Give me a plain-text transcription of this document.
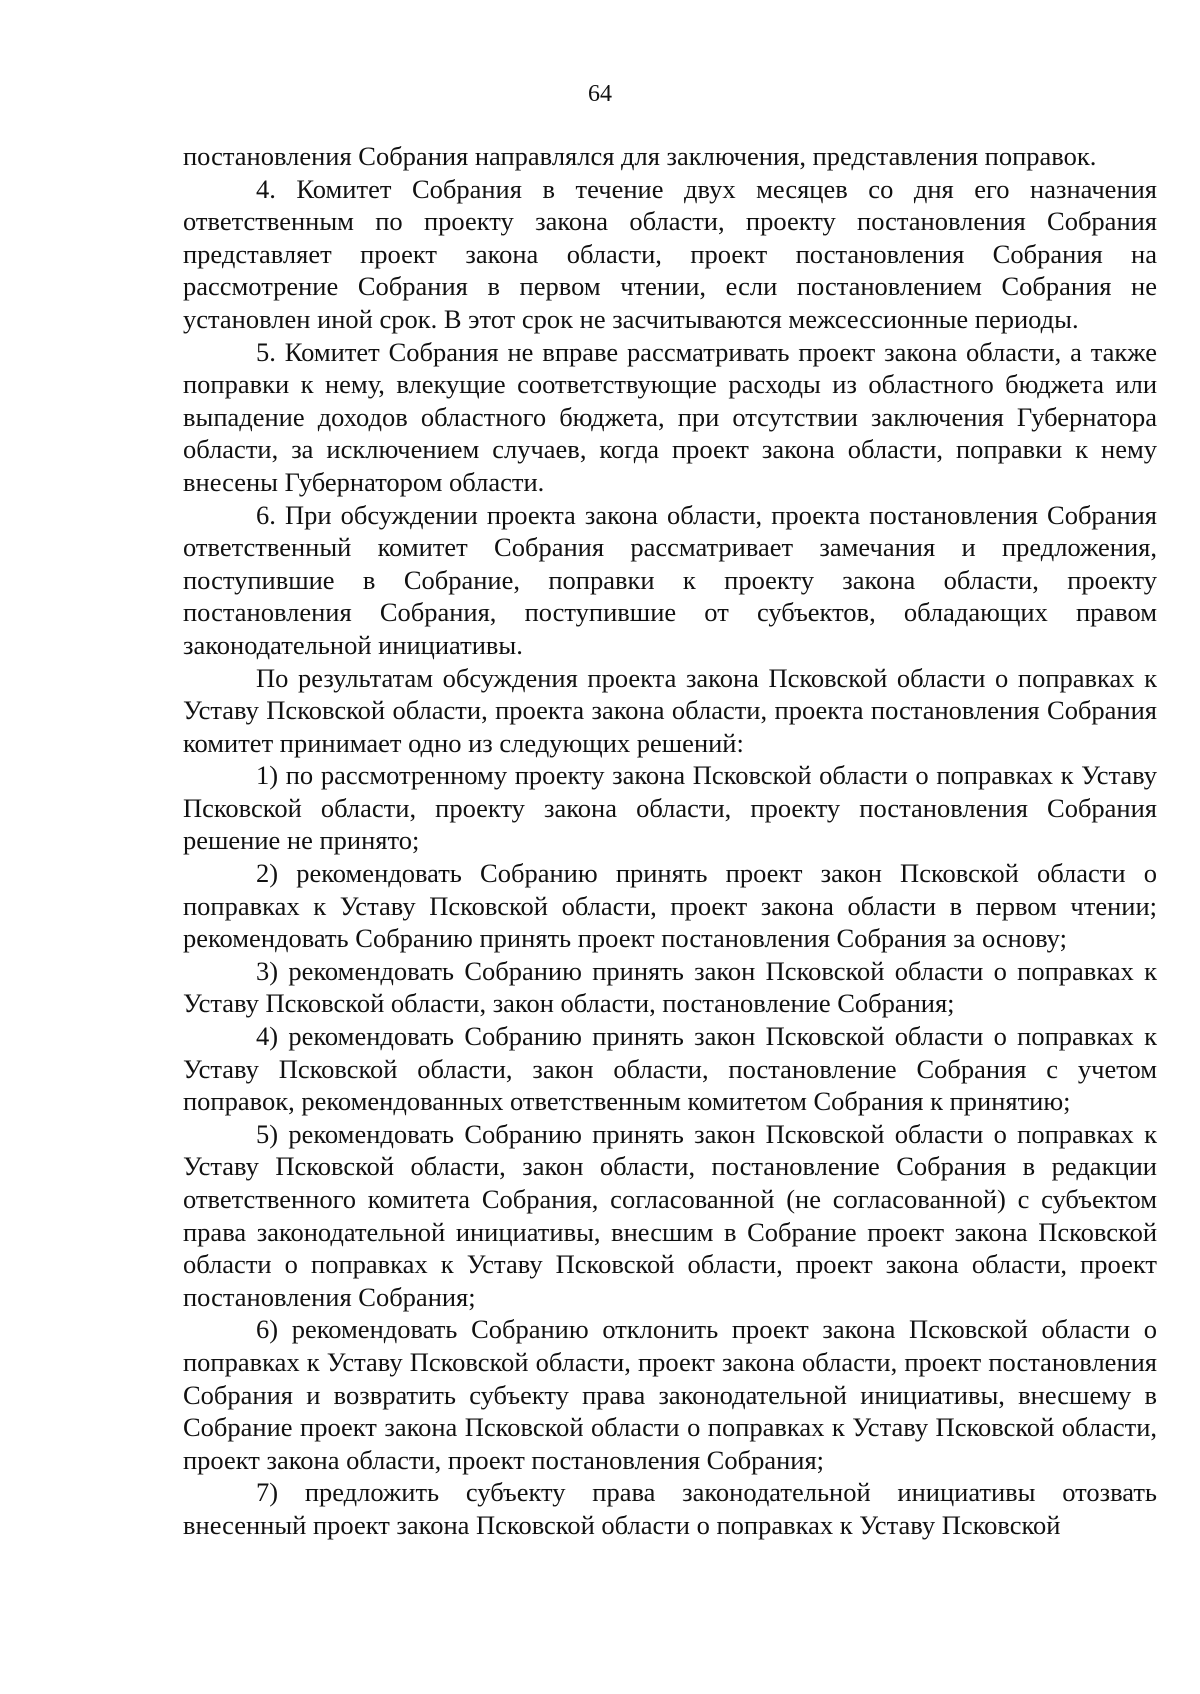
64

постановления Собрания направлялся для заключения, представления поправок.

4. Комитет Собрания в течение двух месяцев со дня его назначения ответственным по проекту закона области, проекту постановления Собрания представляет проект закона области, проект постановления Собрания на рассмотрение Собрания в первом чтении, если постановлением Собрания не установлен иной срок. В этот срок не засчитываются межсессионные периоды.

5. Комитет Собрания не вправе рассматривать проект закона области, а также поправки к нему, влекущие соответствующие расходы из областного бюджета или выпадение доходов областного бюджета, при отсутствии заключения Губернатора области, за исключением случаев, когда проект закона области, поправки к нему внесены Губернатором области.

6. При обсуждении проекта закона области, проекта постановления Собрания ответственный комитет Собрания рассматривает замечания и предложения, поступившие в Собрание, поправки к проекту закона области, проекту постановления Собрания, поступившие от субъектов, обладающих правом законодательной инициативы.

По результатам обсуждения проекта закона Псковской области о поправках к Уставу Псковской области, проекта закона области, проекта постановления Собрания комитет принимает одно из следующих решений:

1) по рассмотренному проекту закона Псковской области о поправках к Уставу Псковской области, проекту закона области, проекту постановления Собрания решение не принято;

2) рекомендовать Собранию принять проект закон Псковской области о поправках к Уставу Псковской области, проект закона области в первом чтении; рекомендовать Собранию принять проект постановления Собрания за основу;

3) рекомендовать Собранию принять закон Псковской области о поправках к Уставу Псковской области, закон области, постановление Собрания;

4) рекомендовать Собранию принять закон Псковской области о поправках к Уставу Псковской области, закон области, постановление Собрания с учетом поправок, рекомендованных ответственным комитетом Собрания к принятию;

5) рекомендовать Собранию принять закон Псковской области о поправках к Уставу Псковской области, закон области, постановление Собрания в редакции ответственного комитета Собрания, согласованной (не согласованной) с субъектом права законодательной инициативы, внесшим в Собрание проект закона Псковской области о поправках к Уставу Псковской области, проект закона области, проект постановления Собрания;

6) рекомендовать Собранию отклонить проект закона Псковской области о поправках к Уставу Псковской области, проект закона области, проект постановления Собрания и возвратить субъекту права законодательной инициативы, внесшему в Собрание проект закона Псковской области о поправках к Уставу Псковской области, проект закона области, проект постановления Собрания;

7) предложить субъекту права законодательной инициативы отозвать внесенный проект закона Псковской области о поправках к Уставу Псковской
